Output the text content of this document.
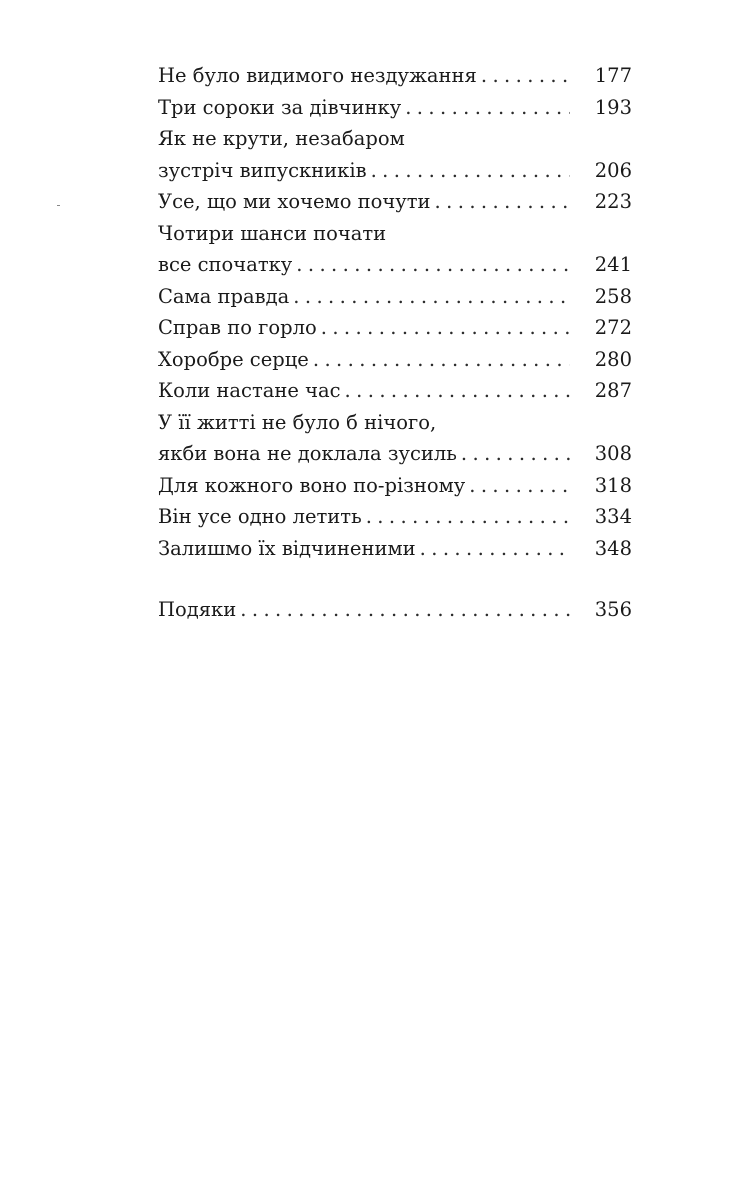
Не було видимого нездужання . . .	177
Три сороки за дівчинку . . .	193
Як не крути, незабаром
зустріч випускників . . .	206
Усе, що ми хочемо почути . . .	223
Чотири шанси почати
все спочатку . . .	241
Сама правда . . .	258
Справ по горло . . .	272
Хоробре серце . . .	280
Коли настане час . . .	287
У її житті не було б нічого,
якби вона не доклала зусиль . . .	308
Для кожного воно по-різному . . .	318
Він усе одно летить . . .	334
Залишмо їх відчиненими . . .	348
Подяки . . .	356
